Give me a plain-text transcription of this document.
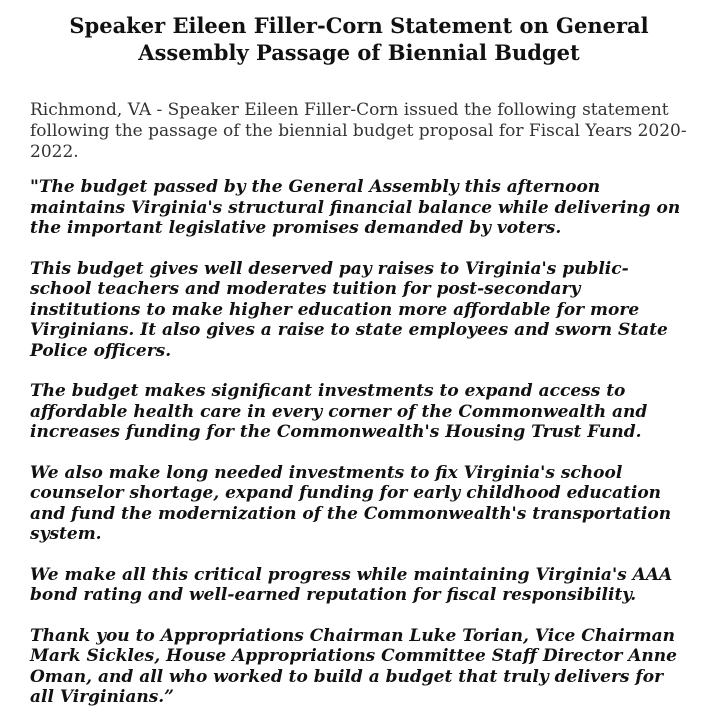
Speaker Eileen Filler-Corn Statement on General Assembly Passage of Biennial Budget

Richmond, VA - Speaker Eileen Filler-Corn issued the following statement following the passage of the biennial budget proposal for Fiscal Years 2020-2022.

"The budget passed by the General Assembly this afternoon maintains Virginia's structural financial balance while delivering on the important legislative promises demanded by voters.

This budget gives well deserved pay raises to Virginia's public-school teachers and moderates tuition for post-secondary institutions to make higher education more affordable for more Virginians. It also gives a raise to state employees and sworn State Police officers.

The budget makes significant investments to expand access to affordable health care in every corner of the Commonwealth and increases funding for the Commonwealth's Housing Trust Fund.

We also make long needed investments to fix Virginia's school counselor shortage, expand funding for early childhood education and fund the modernization of the Commonwealth's transportation system.

We make all this critical progress while maintaining Virginia's AAA bond rating and well-earned reputation for fiscal responsibility.

Thank you to Appropriations Chairman Luke Torian, Vice Chairman Mark Sickles, House Appropriations Committee Staff Director Anne Oman, and all who worked to build a budget that truly delivers for all Virginians.”
